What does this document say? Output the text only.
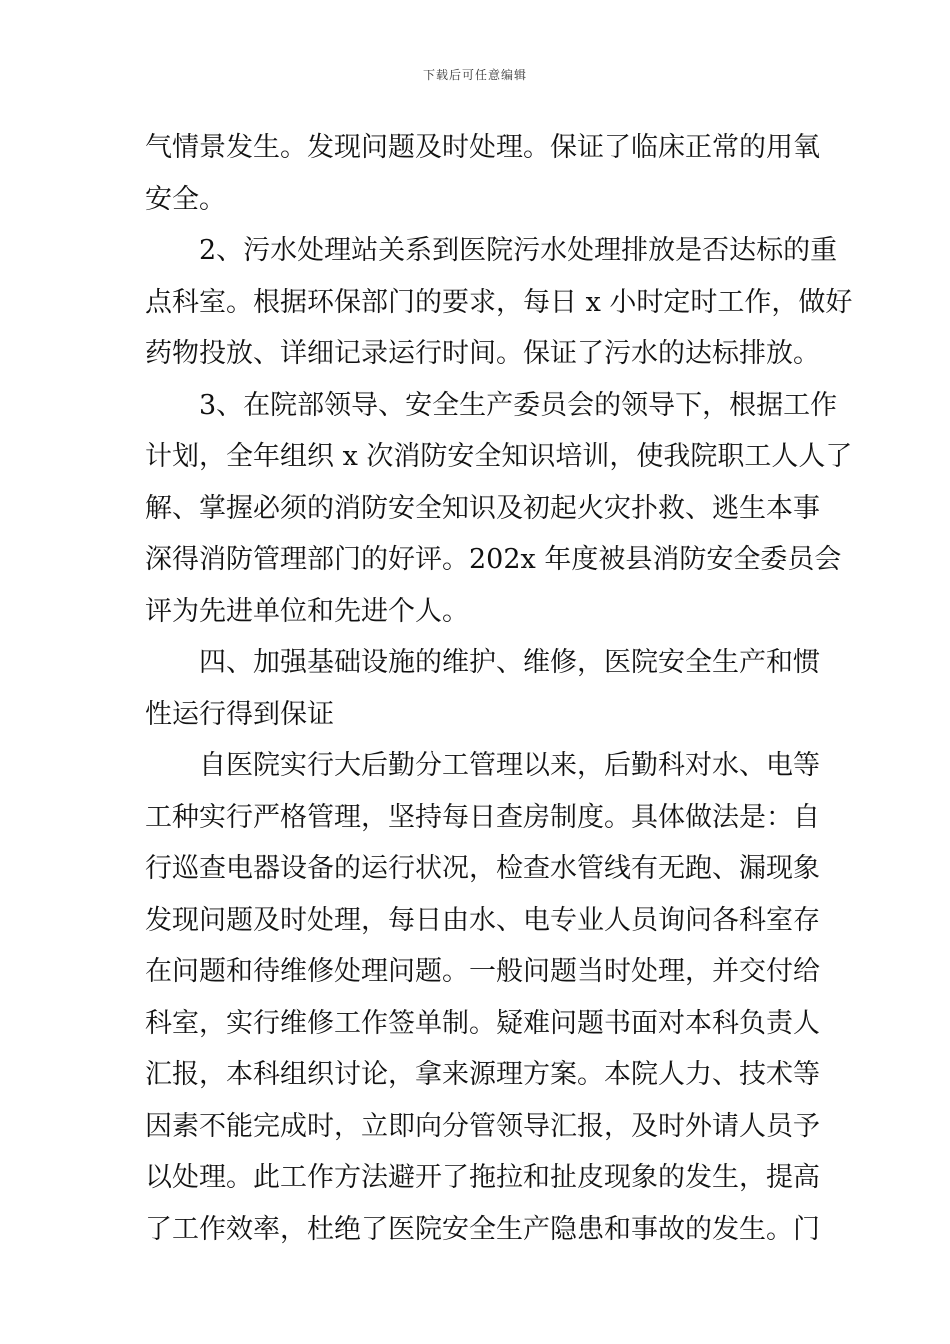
下载后可任意编辑
气情景发生。发现问题及时处理。保证了临床正常的用氧
安全。
2、污水处理站关系到医院污水处理排放是否达标的重
点科室。根据环保部门的要求，每日 x 小时定时工作，做好
药物投放、详细记录运行时间。保证了污水的达标排放。
3、在院部领导、安全生产委员会的领导下，根据工作
计划，全年组织 x 次消防安全知识培训，使我院职工人人了
解、掌握必须的消防安全知识及初起火灾扑救、逃生本事
深得消防管理部门的好评。202x 年度被县消防安全委员会
评为先进单位和先进个人。
四、加强基础设施的维护、维修，医院安全生产和惯
性运行得到保证
自医院实行大后勤分工管理以来，后勤科对水、电等
工种实行严格管理，坚持每日查房制度。具体做法是：自
行巡查电器设备的运行状况，检查水管线有无跑、漏现象
发现问题及时处理，每日由水、电专业人员询问各科室存
在问题和待维修处理问题。一般问题当时处理，并交付给
科室，实行维修工作签单制。疑难问题书面对本科负责人
汇报，本科组织讨论，拿来源理方案。本院人力、技术等
因素不能完成时，立即向分管领导汇报，及时外请人员予
以处理。此工作方法避开了拖拉和扯皮现象的发生，提高
了工作效率，杜绝了医院安全生产隐患和事故的发生。门
